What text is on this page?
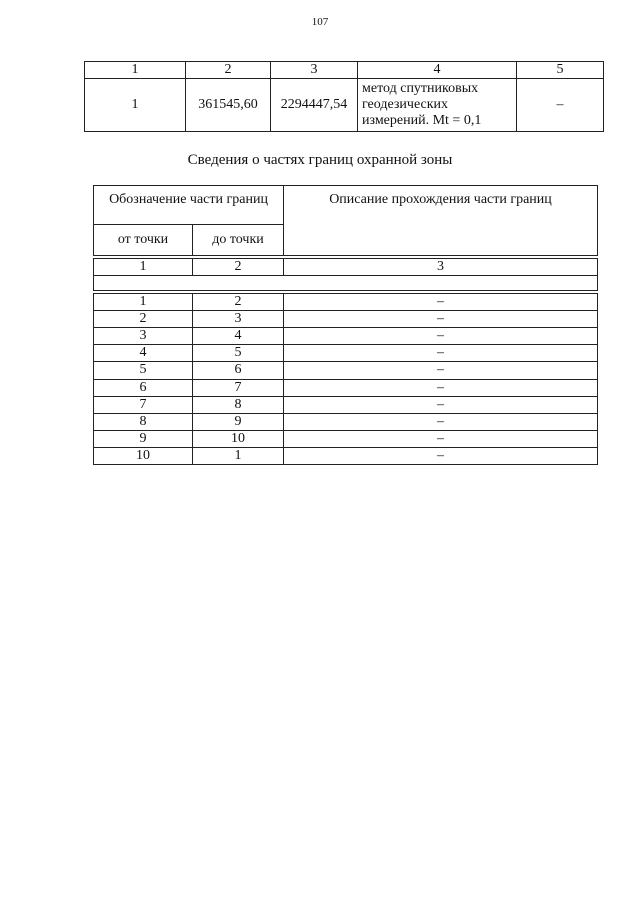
107
1	2	3	4	5
1	361545,60	2294447,54	метод спутниковых
геодезических
измерений. Mt = 0,1	–
Сведения о частях границ охранной зоны
Обозначение части границ		Описание прохождения части границ
от точки	до точки	

1	2	3

1	2	–
2	3	–
3	4	–
4	5	–
5	6	–
6	7	–
7	8	–
8	9	–
9	10	–
10	1	–
